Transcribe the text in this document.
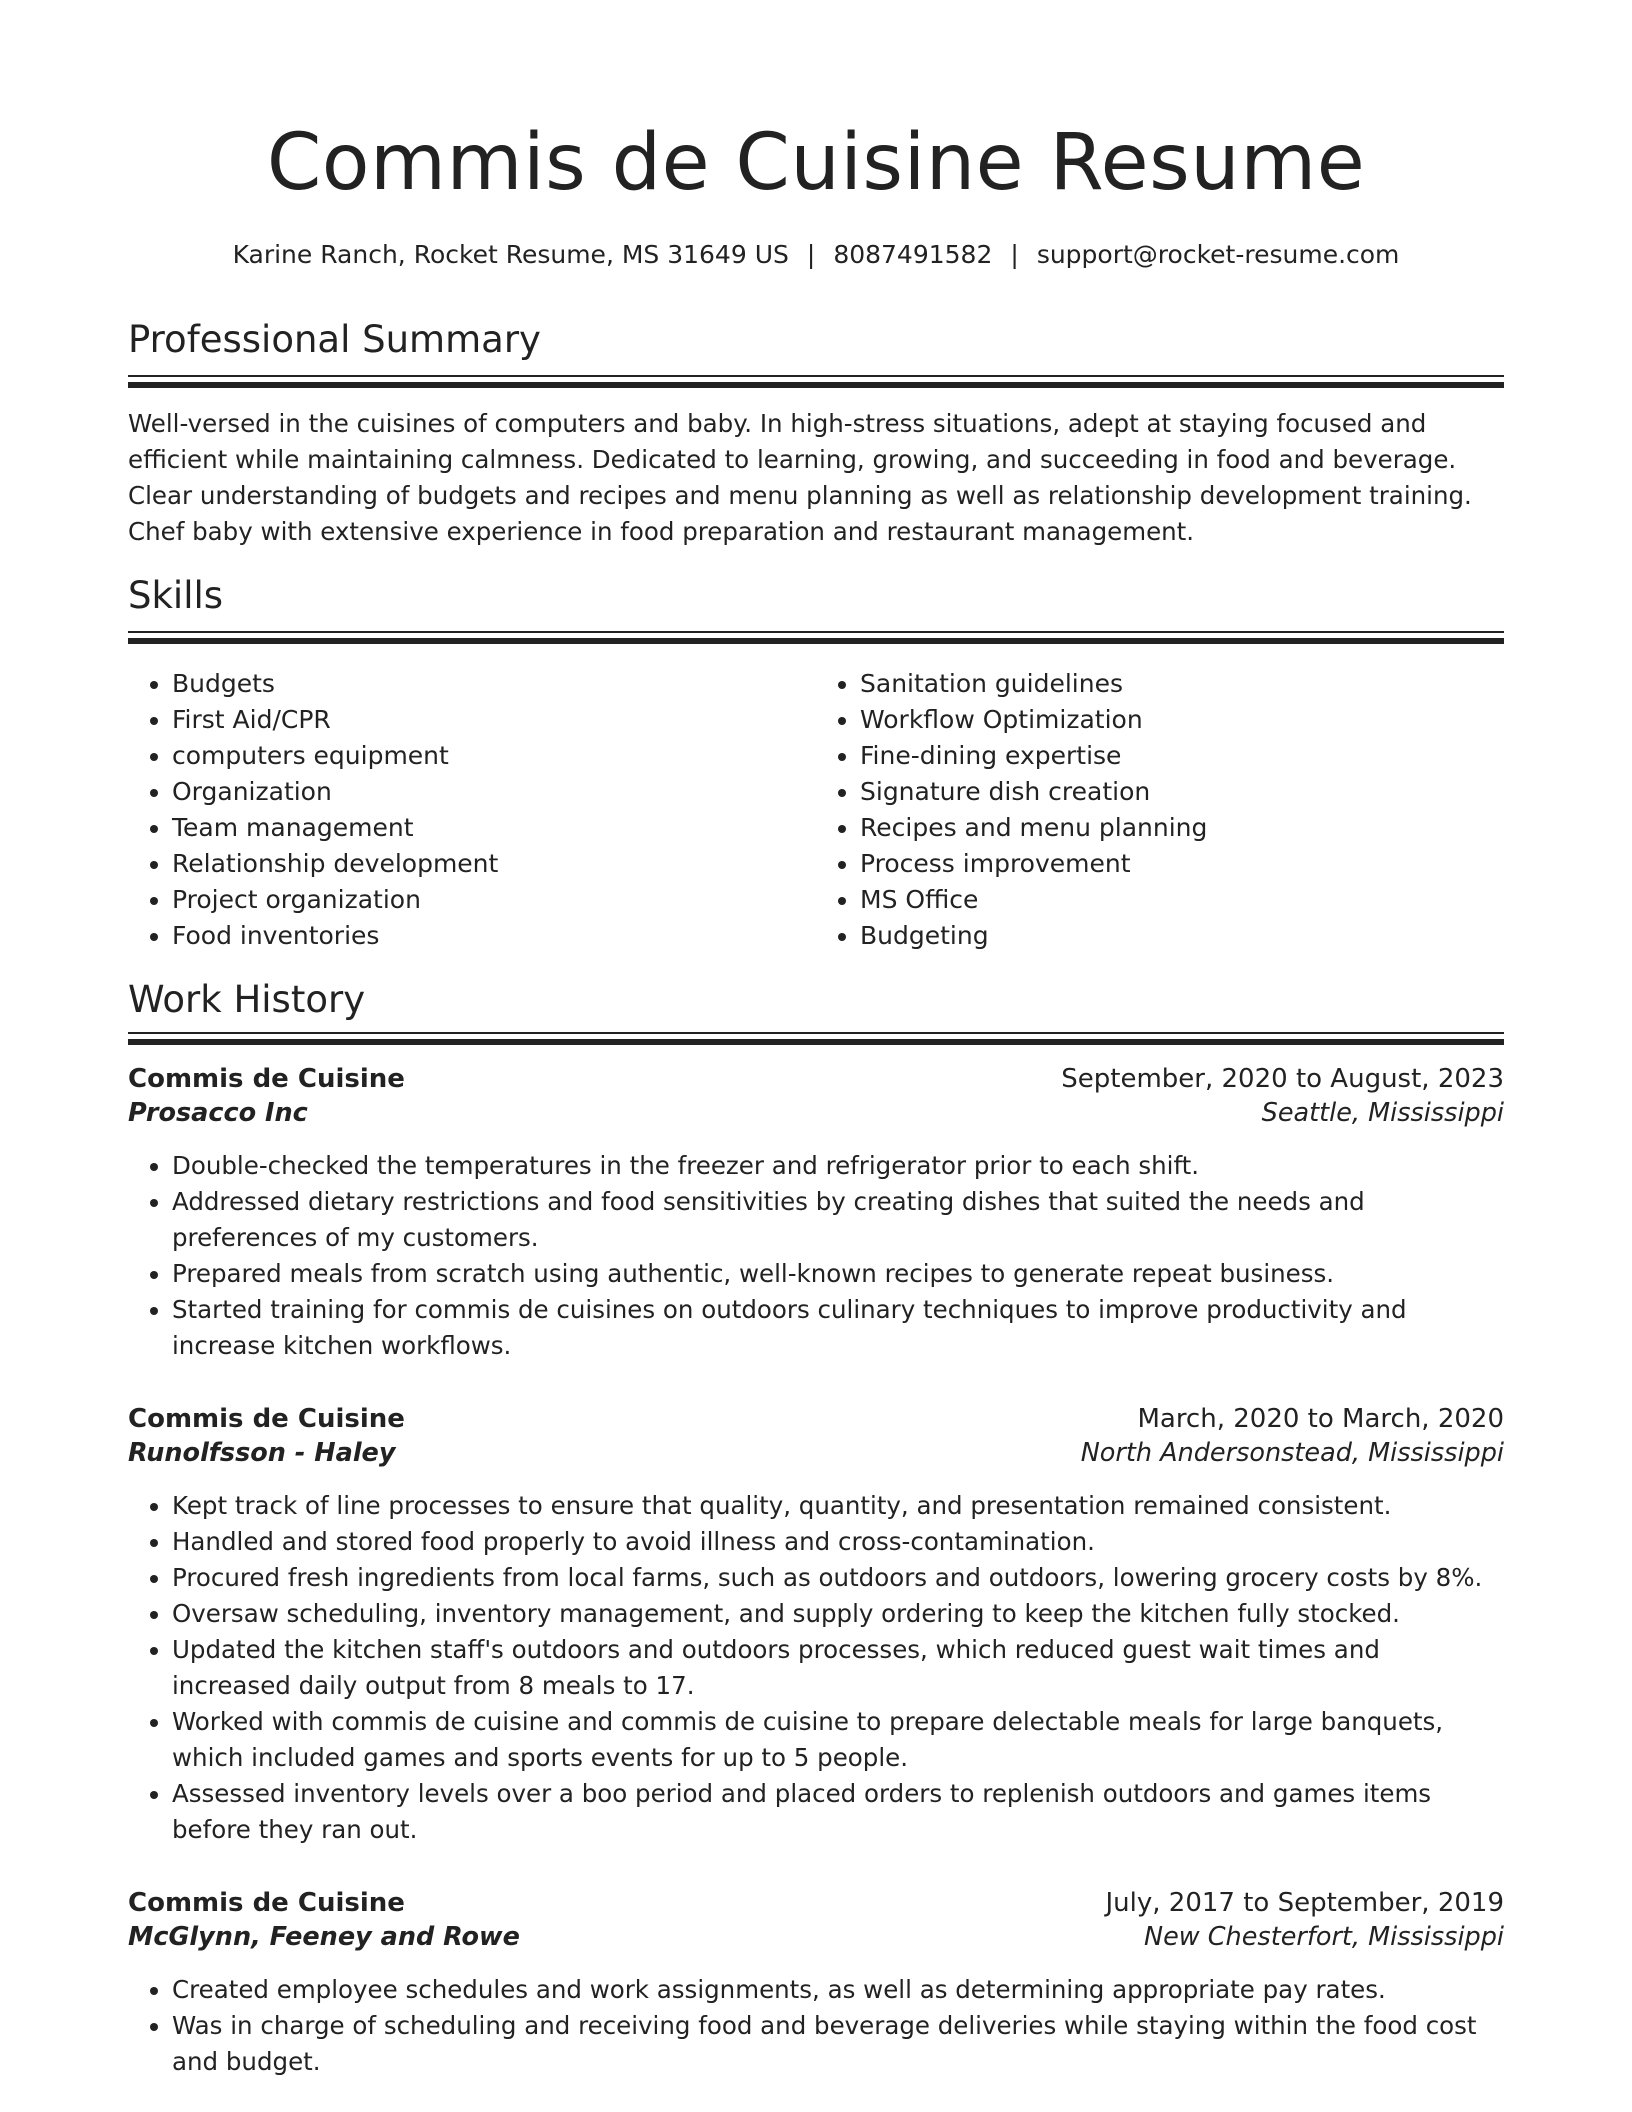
Commis de Cuisine Resume
Karine Ranch, Rocket Resume, MS 31649 US | 8087491582 | support@rocket-resume.com
Professional Summary
Well-versed in the cuisines of computers and baby. In high-stress situations, adept at staying focused and efficient while maintaining calmness. Dedicated to learning, growing, and succeeding in food and beverage. Clear understanding of budgets and recipes and menu planning as well as relationship development training. Chef baby with extensive experience in food preparation and restaurant management.
Skills
• Budgets
• First Aid/CPR
• computers equipment
• Organization
• Team management
• Relationship development
• Project organization
• Food inventories
• Sanitation guidelines
• Workflow Optimization
• Fine-dining expertise
• Signature dish creation
• Recipes and menu planning
• Process improvement
• MS Office
• Budgeting
Work History
Commis de Cuisine	September, 2020 to August, 2023
Prosacco Inc	Seattle, Mississippi
• Double-checked the temperatures in the freezer and refrigerator prior to each shift.
• Addressed dietary restrictions and food sensitivities by creating dishes that suited the needs and preferences of my customers.
• Prepared meals from scratch using authentic, well-known recipes to generate repeat business.
• Started training for commis de cuisines on outdoors culinary techniques to improve productivity and increase kitchen workflows.
Commis de Cuisine	March, 2020 to March, 2020
Runolfsson - Haley	North Andersonstead, Mississippi
• Kept track of line processes to ensure that quality, quantity, and presentation remained consistent.
• Handled and stored food properly to avoid illness and cross-contamination.
• Procured fresh ingredients from local farms, such as outdoors and outdoors, lowering grocery costs by 8%.
• Oversaw scheduling, inventory management, and supply ordering to keep the kitchen fully stocked.
• Updated the kitchen staff's outdoors and outdoors processes, which reduced guest wait times and increased daily output from 8 meals to 17.
• Worked with commis de cuisine and commis de cuisine to prepare delectable meals for large banquets, which included games and sports events for up to 5 people.
• Assessed inventory levels over a boo period and placed orders to replenish outdoors and games items before they ran out.
Commis de Cuisine	July, 2017 to September, 2019
McGlynn, Feeney and Rowe	New Chesterfort, Mississippi
• Created employee schedules and work assignments, as well as determining appropriate pay rates.
• Was in charge of scheduling and receiving food and beverage deliveries while staying within the food cost and budget.
